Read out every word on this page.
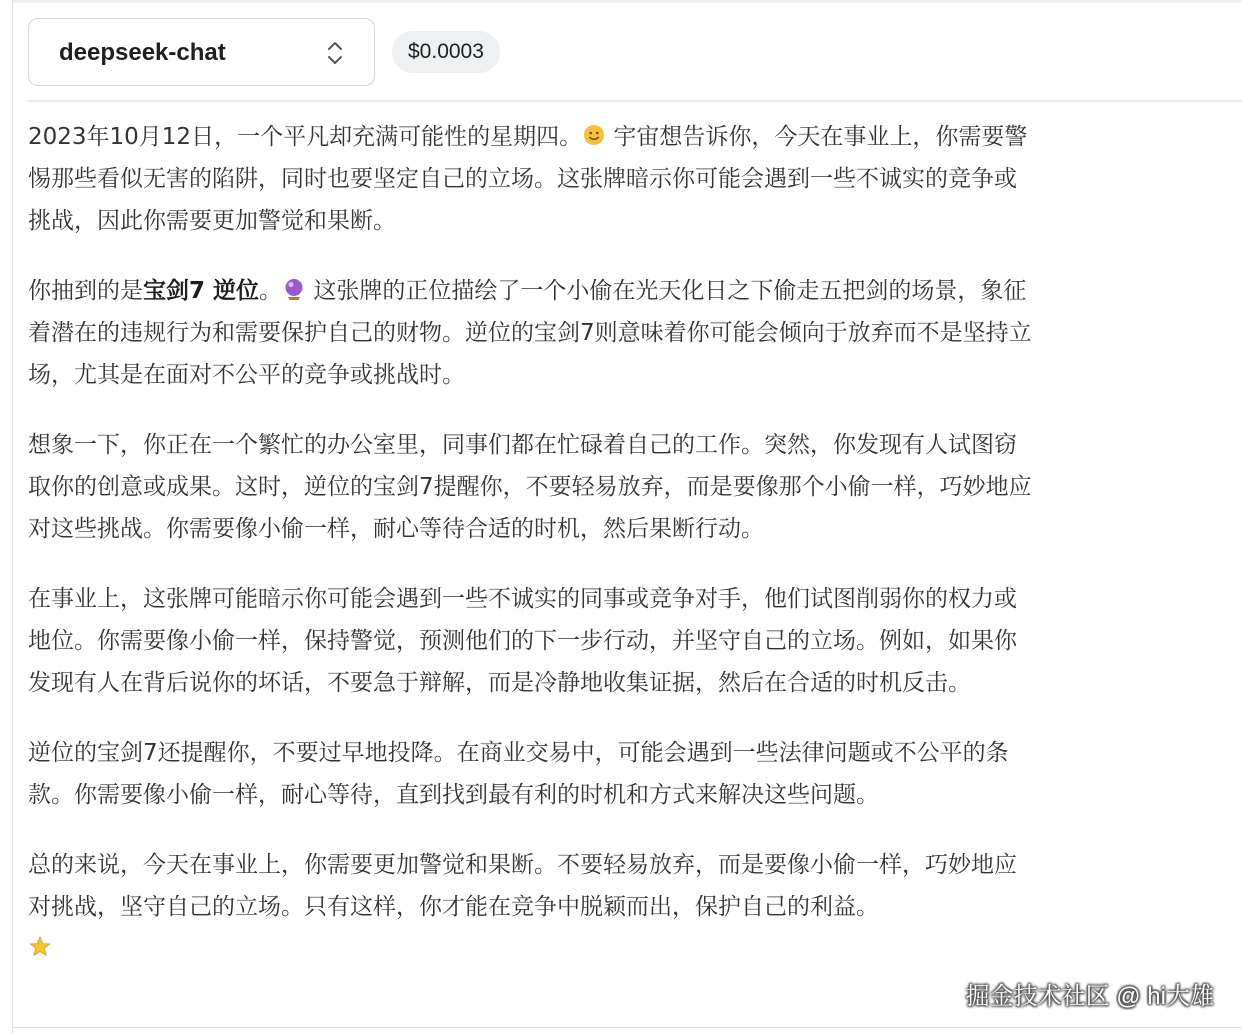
deepseek-chat	$0.0003

2023年10月12日，一个平凡却充满可能性的星期四。 宇宙想告诉你，今天在事业上，你需要警惕那些看似无害的陷阱，同时也要坚定自己的立场。这张牌暗示你可能会遇到一些不诚实的竞争或挑战，因此你需要更加警觉和果断。

你抽到的是宝剑7 逆位。 这张牌的正位描绘了一个小偷在光天化日之下偷走五把剑的场景，象征着潜在的违规行为和需要保护自己的财物。逆位的宝剑7则意味着你可能会倾向于放弃而不是坚持立场，尤其是在面对不公平的竞争或挑战时。

想象一下，你正在一个繁忙的办公室里，同事们都在忙碌着自己的工作。突然，你发现有人试图窃取你的创意或成果。这时，逆位的宝剑7提醒你，不要轻易放弃，而是要像那个小偷一样，巧妙地应对这些挑战。你需要像小偷一样，耐心等待合适的时机，然后果断行动。

在事业上，这张牌可能暗示你可能会遇到一些不诚实的同事或竞争对手，他们试图削弱你的权力或地位。你需要像小偷一样，保持警觉，预测他们的下一步行动，并坚守自己的立场。例如，如果你发现有人在背后说你的坏话，不要急于辩解，而是冷静地收集证据，然后在合适的时机反击。

逆位的宝剑7还提醒你，不要过早地投降。在商业交易中，可能会遇到一些法律问题或不公平的条款。你需要像小偷一样，耐心等待，直到找到最有利的时机和方式来解决这些问题。

总的来说，今天在事业上，你需要更加警觉和果断。不要轻易放弃，而是要像小偷一样，巧妙地应对挑战，坚守自己的立场。只有这样，你才能在竞争中脱颖而出，保护自己的利益。

掘金技术社区 @ hi大雄
